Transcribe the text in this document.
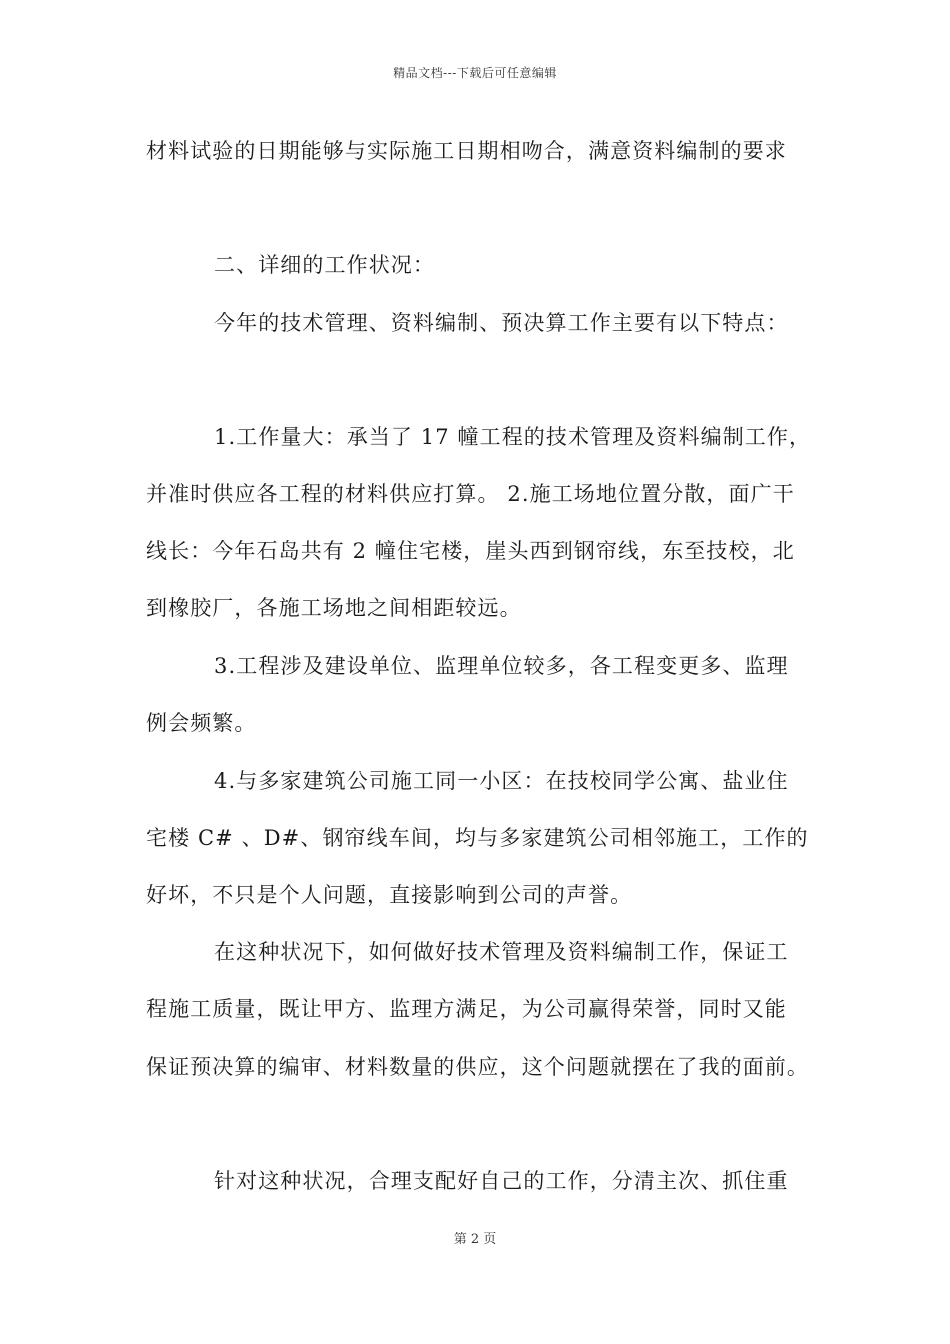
精品文档---下载后可任意编辑
材料试验的日期能够与实际施工日期相吻合，满意资料编制的要求
二、详细的工作状况：
今年的技术管理、资料编制、预决算工作主要有以下特点：
1.工作量大：承当了 17 幢工程的技术管理及资料编制工作，
并准时供应各工程的材料供应打算。 2.施工场地位置分散，面广干
线长：今年石岛共有 2 幢住宅楼，崖头西到钢帘线，东至技校，北
到橡胶厂，各施工场地之间相距较远。
3.工程涉及建设单位、监理单位较多，各工程变更多、监理
例会频繁。
4.与多家建筑公司施工同一小区：在技校同学公寓、盐业住
宅楼 C# 、D#、钢帘线车间，均与多家建筑公司相邻施工，工作的
好坏，不只是个人问题，直接影响到公司的声誉。
在这种状况下，如何做好技术管理及资料编制工作，保证工
程施工质量，既让甲方、监理方满足，为公司赢得荣誉，同时又能
保证预决算的编审、材料数量的供应，这个问题就摆在了我的面前。
针对这种状况，合理支配好自己的工作，分清主次、抓住重
第 2 页
